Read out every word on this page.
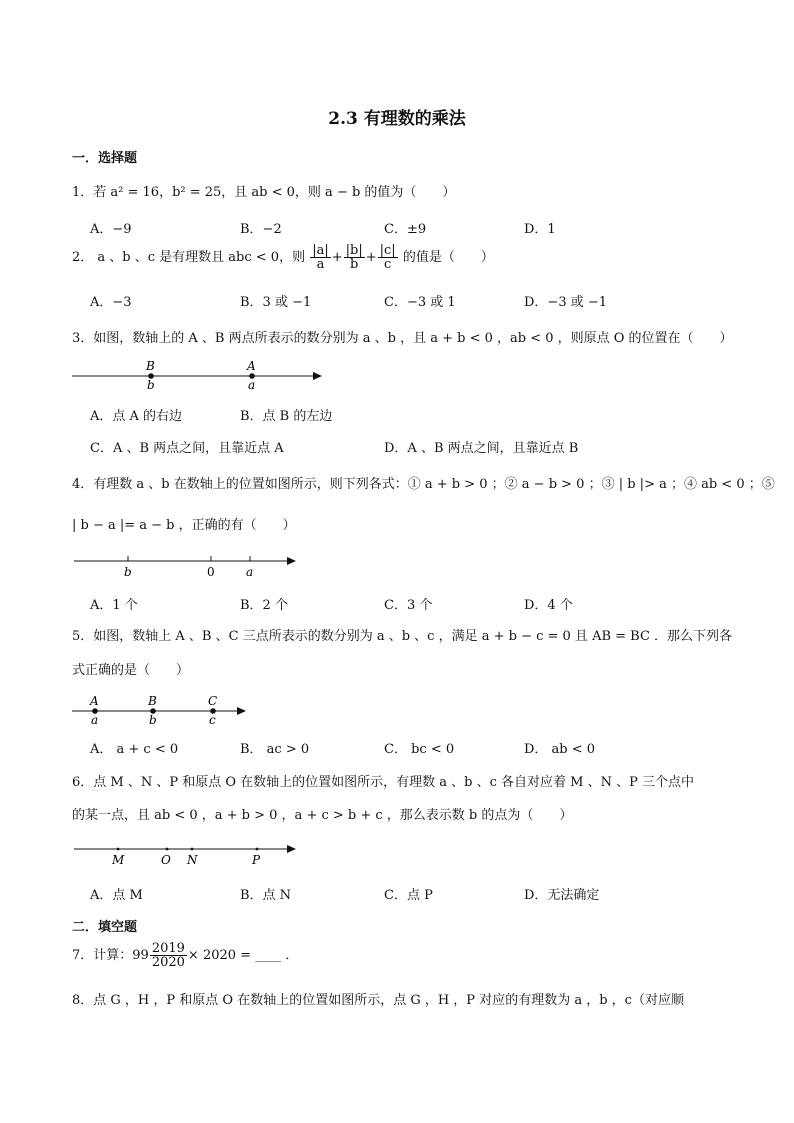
2.3 有理数的乘法
一．选择题
1．若 a² = 16，b² = 25，且 ab < 0，则 a − b 的值为（　　）
A．−9	B．−2	C．±9	D．1
2． a 、b 、c 是有理数且 abc < 0，则 $\frac{|a|}{a} + \frac{|b|}{b} + \frac{|c|}{c}$ 的值是（　　）
A．−3	B．3 或 −1	C．−3 或 1	D．−3 或 −1
3．如图，数轴上的 A 、B 两点所表示的数分别为 a 、b ，且 a + b < 0 ，ab < 0 ，则原点 O 的位置在（　　）
B
b
A
a
A．点 A 的右边	B．点 B 的左边
C．A 、B 两点之间，且靠近点 A	D．A 、B 两点之间，且靠近点 B
4．有理数 a 、b 在数轴上的位置如图所示，则下列各式：① a + b > 0 ；② a − b > 0 ；③ | b |> a ；④ ab < 0 ；⑤
| b − a |= a − b ，正确的有（　　）
b	0	a
A．1 个	B．2 个	C．3 个	D．4 个
5．如图，数轴上 A 、B 、C 三点所表示的数分别为 a 、b 、c ，满足 a + b − c = 0 且 AB = BC ．那么下列各
式正确的是（　　）
A
a
B
b
C
c
A． a + c < 0	B． ac > 0	C． bc < 0	D． ab < 0
6．点 M 、N 、P 和原点 O 在数轴上的位置如图所示，有理数 a 、b 、c 各自对应着 M 、N 、P 三个点中
的某一点，且 ab < 0 ，a + b > 0 ，a + c > b + c ，那么表示数 b 的点为（　　）
M	O N	P
A．点 M	B．点 N	C．点 P	D．无法确定
二．填空题
7．计算：$99 \frac{2019}{2020} \times 2020$ = ____ ．
8．点 G ，H ，P 和原点 O 在数轴上的位置如图所示，点 G ，H ，P 对应的有理数为 a ，b ，c（对应顺
